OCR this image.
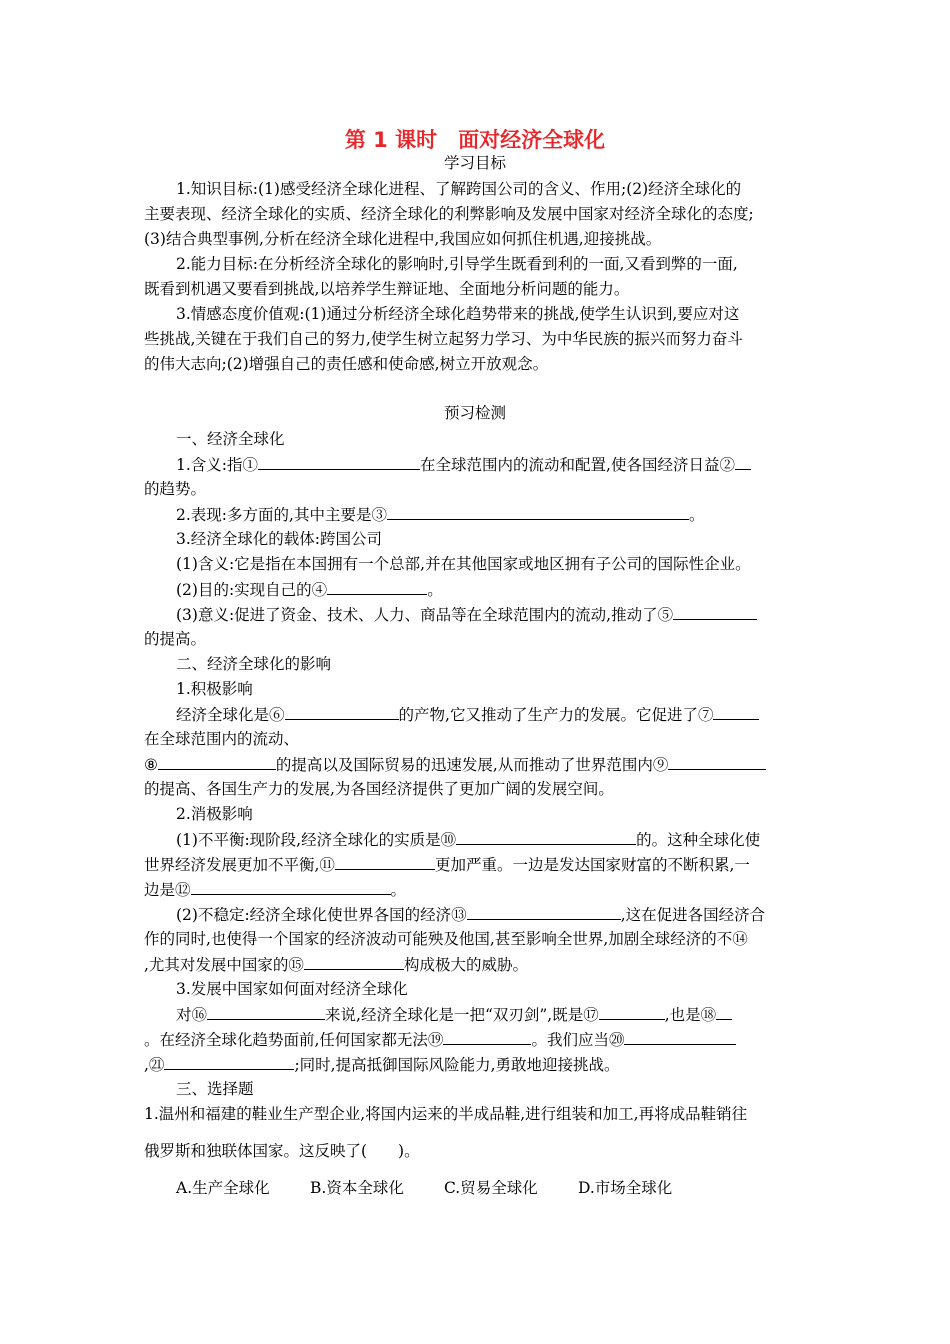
第 1 课时　面对经济全球化
学习目标
1.知识目标:(1)感受经济全球化进程、了解跨国公司的含义、作用;(2)经济全球化的
主要表现、经济全球化的实质、经济全球化的利弊影响及发展中国家对经济全球化的态度;
(3)结合典型事例,分析在经济全球化进程中,我国应如何抓住机遇,迎接挑战。
2.能力目标:在分析经济全球化的影响时,引导学生既看到利的一面,又看到弊的一面,
既看到机遇又要看到挑战,以培养学生辩证地、全面地分析问题的能力。
3.情感态度价值观:(1)通过分析经济全球化趋势带来的挑战,使学生认识到,要应对这
些挑战,关键在于我们自己的努力,使学生树立起努力学习、为中华民族的振兴而努力奋斗
的伟大志向;(2)增强自己的责任感和使命感,树立开放观念。
预习检测
一、经济全球化
1.含义:指①	在全球范围内的流动和配置,使各国经济日益②
的趋势。
2.表现:多方面的,其中主要是③	。
3.经济全球化的载体:跨国公司
(1)含义:它是指在本国拥有一个总部,并在其他国家或地区拥有子公司的国际性企业。
(2)目的:实现自己的④	。
(3)意义:促进了资金、技术、人力、商品等在全球范围内的流动,推动了⑤
的提高。
二、经济全球化的影响
1.积极影响
经济全球化是⑥	的产物,它又推动了生产力的发展。它促进了⑦
在全球范围内的流动、
⑧	的提高以及国际贸易的迅速发展,从而推动了世界范围内⑨
的提高、各国生产力的发展,为各国经济提供了更加广阔的发展空间。
2.消极影响
(1)不平衡:现阶段,经济全球化的实质是⑩	的。这种全球化使
世界经济发展更加不平衡,⑪	更加严重。一边是发达国家财富的不断积累,一
边是⑫	。
(2)不稳定:经济全球化使世界各国的经济⑬	,这在促进各国经济合
作的同时,也使得一个国家的经济波动可能殃及他国,甚至影响全世界,加剧全球经济的不⑭
,尤其对发展中国家的⑮	构成极大的威胁。
3.发展中国家如何面对经济全球化
对⑯	来说,经济全球化是一把“双刃剑”,既是⑰	,也是⑱
。在经济全球化趋势面前,任何国家都无法⑲	。我们应当⑳
,㉑	;同时,提高抵御国际风险能力,勇敢地迎接挑战。
三、选择题
1.温州和福建的鞋业生产型企业,将国内运来的半成品鞋,进行组装和加工,再将成品鞋销往
俄罗斯和独联体国家。这反映了(　　)。
A.生产全球化	B.资本全球化	C.贸易全球化	D.市场全球化
